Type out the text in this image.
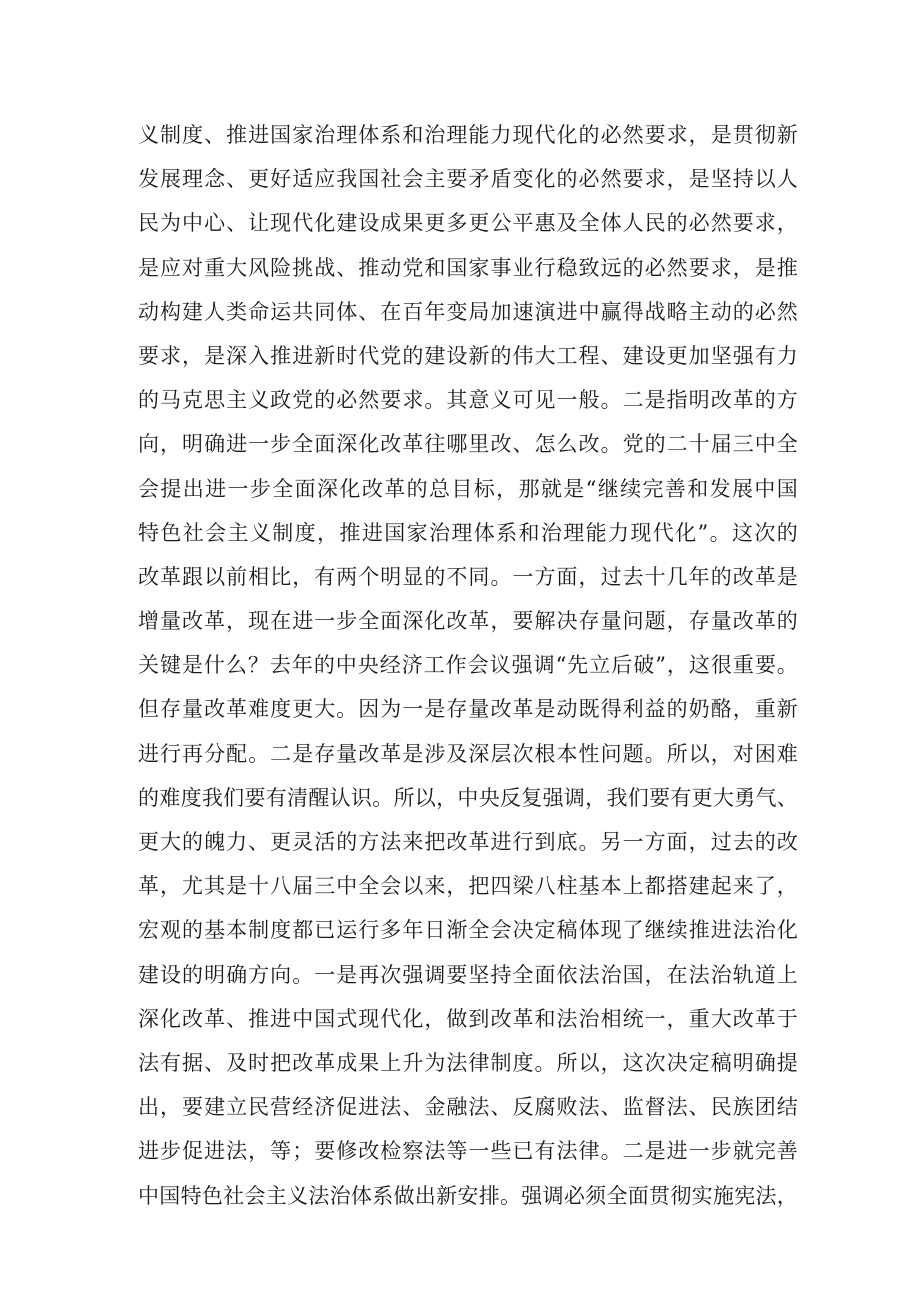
义制度、推进国家治理体系和治理能力现代化的必然要求，是贯彻新
发展理念、更好适应我国社会主要矛盾变化的必然要求，是坚持以人
民为中心、让现代化建设成果更多更公平惠及全体人民的必然要求，
是应对重大风险挑战、推动党和国家事业行稳致远的必然要求，是推
动构建人类命运共同体、在百年变局加速演进中赢得战略主动的必然
要求，是深入推进新时代党的建设新的伟大工程、建设更加坚强有力
的马克思主义政党的必然要求。其意义可见一般。二是指明改革的方
向，明确进一步全面深化改革往哪里改、怎么改。党的二十届三中全
会提出进一步全面深化改革的总目标，那就是“继续完善和发展中国
特色社会主义制度，推进国家治理体系和治理能力现代化”。这次的
改革跟以前相比，有两个明显的不同。一方面，过去十几年的改革是
增量改革，现在进一步全面深化改革，要解决存量问题，存量改革的
关键是什么？去年的中央经济工作会议强调“先立后破”，这很重要。
但存量改革难度更大。因为一是存量改革是动既得利益的奶酪，重新
进行再分配。二是存量改革是涉及深层次根本性问题。所以，对困难
的难度我们要有清醒认识。所以，中央反复强调，我们要有更大勇气、
更大的魄力、更灵活的方法来把改革进行到底。另一方面，过去的改
革，尤其是十八届三中全会以来，把四梁八柱基本上都搭建起来了，
宏观的基本制度都已运行多年日渐全会决定稿体现了继续推进法治化
建设的明确方向。一是再次强调要坚持全面依法治国，在法治轨道上
深化改革、推进中国式现代化，做到改革和法治相统一，重大改革于
法有据、及时把改革成果上升为法律制度。所以，这次决定稿明确提
出，要建立民营经济促进法、金融法、反腐败法、监督法、民族团结
进步促进法，等；要修改检察法等一些已有法律。二是进一步就完善
中国特色社会主义法治体系做出新安排。强调必须全面贯彻实施宪法，
